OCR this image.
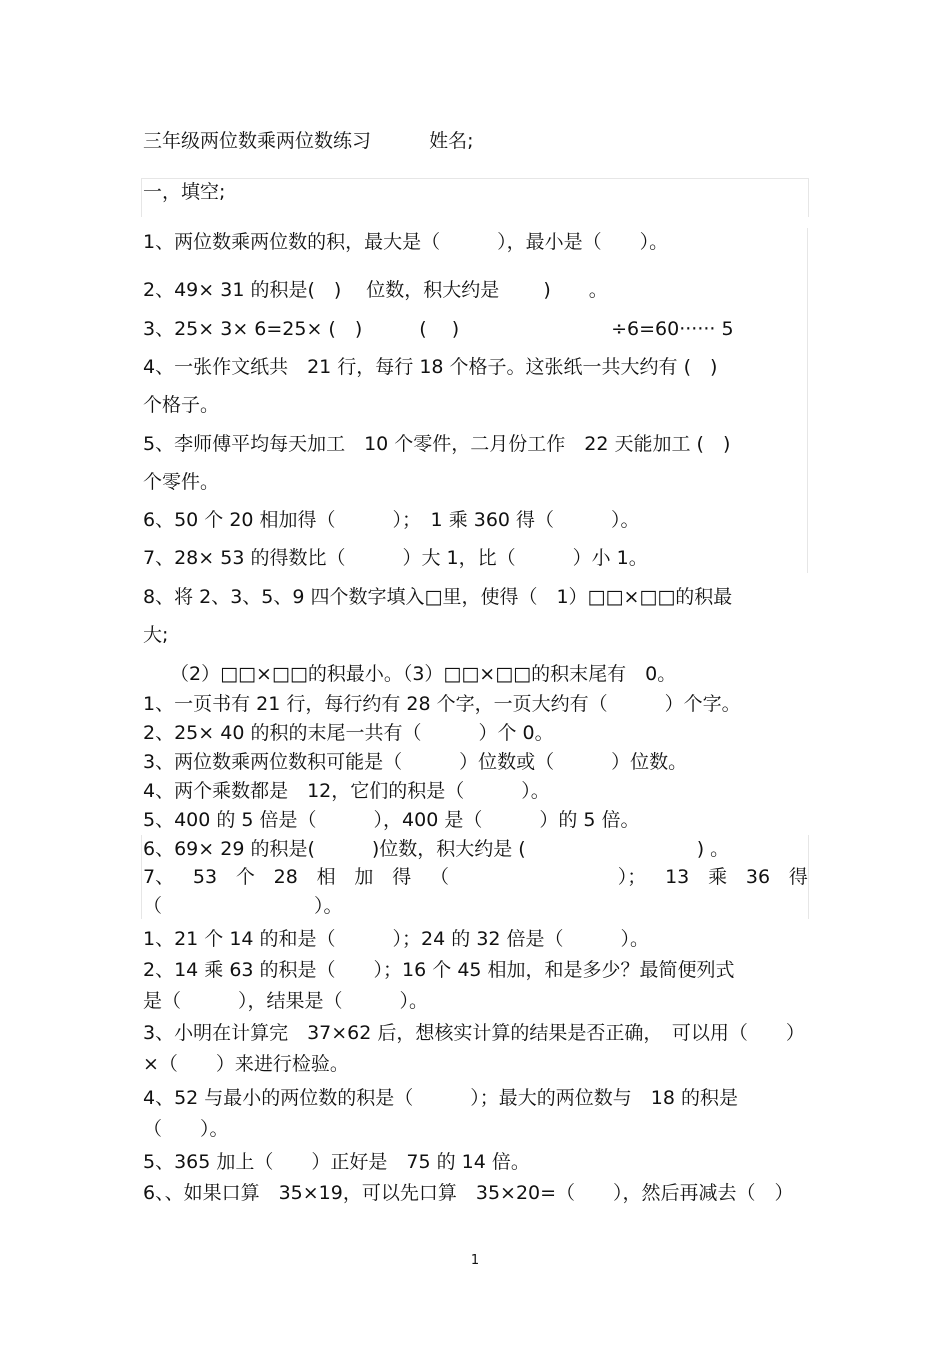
三年级两位数乘两位数练习	姓名;
一，填空;
1、两位数乘两位数的积，最大是（　　　），最小是（　　）。
2、49× 31 的积是(　)　 位数，积大约是　　 )　　。
3、25× 3× 6=25× (　)　　　(　 )　　　　　　　　÷6=60······ 5
4、一张作文纸共　21 行，每行 18 个格子。这张纸一共大约有 (　)
个格子。
5、李师傅平均每天加工　10 个零件，二月份工作　22 天能加工 (　)
个零件。
6、50 个 20 相加得（　　　）；　1 乘 360 得（　　　）。
7、28× 53 的得数比（　　　）大 1，比（　　　）小 1。
8、将 2、3、5、9 四个数字填入□里，使得（　1）□□×□□的积最
大;
（2）□□×□□的积最小。（3）□□×□□的积末尾有　0。
1、一页书有 21 行，每行约有 28 个字，一页大约有（　　　）个字。
2、25× 40 的积的末尾一共有（　　　）个 0。
3、两位数乘两位数积可能是（　　　）位数或（　　　）位数。
4、两个乘数都是　12，它们的积是（　　　）。
5、400 的 5 倍是（　　　），400 是（　　　）的 5 倍。
6、69× 29 的积是(　　　)位数，积大约是 (　　　　　　　　　) 。
7、 53 个 28 相 加 得 （	）； 13 乘 36 得
（　　　　　　　　）。
1、21 个 14 的和是（　　　）；24 的 32 倍是（　　　）。
2、14 乘 63 的积是（　　）；16 个 45 相加，和是多少？最简便列式
是（　　　），结果是（　　　）。
3、小明在计算完　37×62 后，想核实计算的结果是否正确，　可以用（　　）
×（　　）来进行检验。
4、52 与最小的两位数的积是（　　　）；最大的两位数与　18 的积是
（　　）。
5、365 加上（　　）正好是　75 的 14 倍。
6、、如果口算　35×19，可以先口算　35×20=（　　），然后再减去（　）
1
